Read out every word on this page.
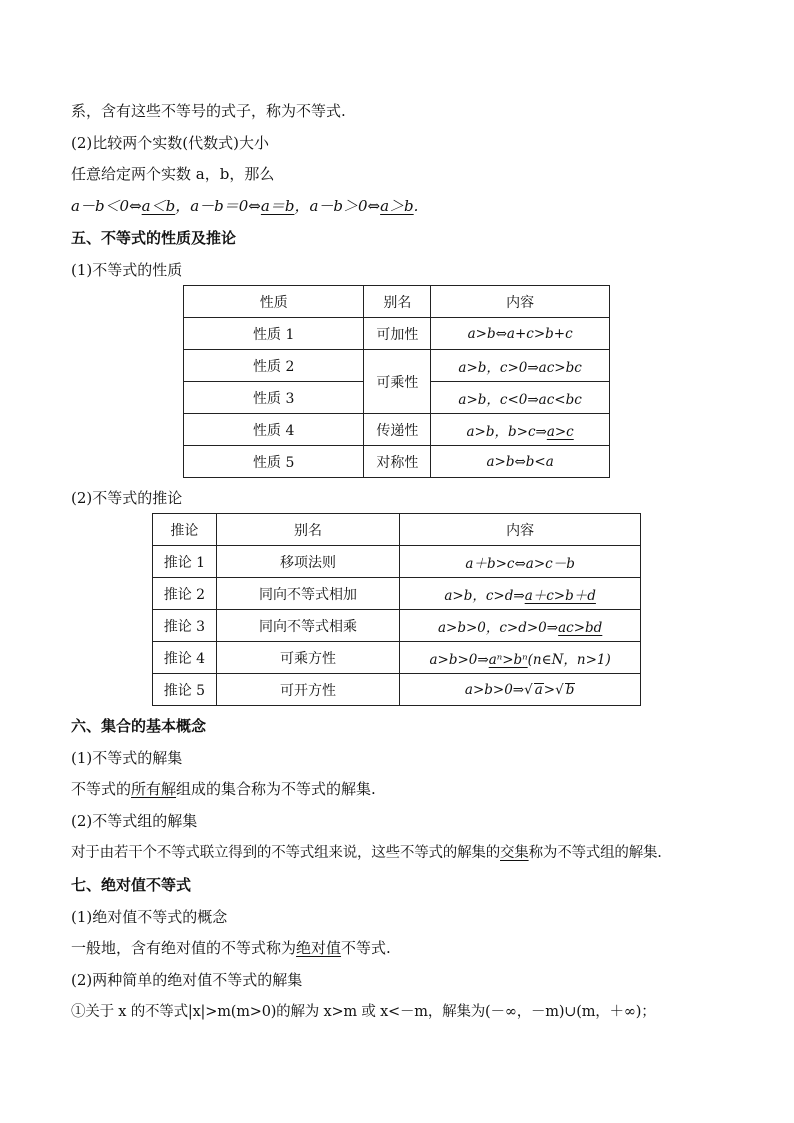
系，含有这些不等号的式子，称为不等式.
(2)比较两个实数(代数式)大小
任意给定两个实数 a，b，那么
a－b＜0⇔a＜b，a－b＝0⇔a＝b，a－b＞0⇔a＞b.
五、不等式的性质及推论
(1)不等式的性质
性质	别名	内容
性质 1	可加性	a>b⇔a+c>b+c
性质 2	可乘性	a>b，c>0⇒ac>bc
性质 3		a>b，c<0⇒ac<bc
性质 4	传递性	a>b，b>c⇒a>c
性质 5	对称性	a>b⇔b<a
(2)不等式的推论
推论	别名	内容
推论 1	移项法则	a＋b>c⇔a>c－b
推论 2	同向不等式相加	a>b，c>d⇒a＋c>b＋d
推论 3	同向不等式相乘	a>b>0，c>d>0⇒ac>bd
推论 4	可乘方性	a>b>0⇒aⁿ>bⁿ(n∈N，n>1)
推论 5	可开方性	a>b>0⇒√ a>√ b
六、集合的基本概念
(1)不等式的解集
不等式的所有解组成的集合称为不等式的解集.
(2)不等式组的解集
对于由若干个不等式联立得到的不等式组来说，这些不等式的解集的交集称为不等式组的解集.
七、绝对值不等式
(1)绝对值不等式的概念
一般地，含有绝对值的不等式称为绝对值不等式.
(2)两种简单的绝对值不等式的解集
①关于 x 的不等式|x|>m(m>0)的解为 x>m 或 x<－m，解集为(－∞，－m)∪(m，＋∞)；
